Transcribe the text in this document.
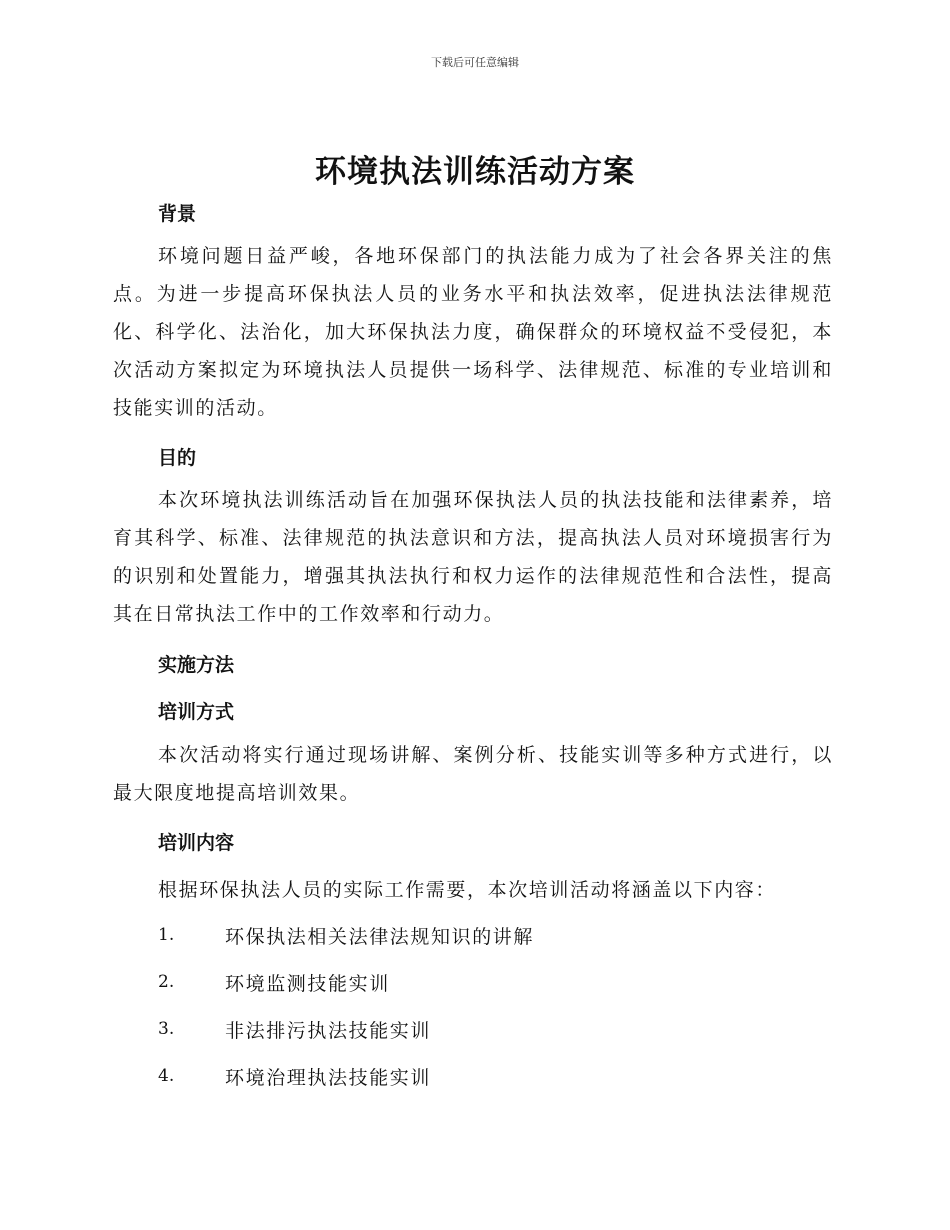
下载后可任意编辑
环境执法训练活动方案
背景
环境问题日益严峻，各地环保部门的执法能力成为了社会各界关注的焦点。为进一步提高环保执法人员的业务水平和执法效率，促进执法法律规范化、科学化、法治化，加大环保执法力度，确保群众的环境权益不受侵犯，本次活动方案拟定为环境执法人员提供一场科学、法律规范、标准的专业培训和技能实训的活动。
目的
本次环境执法训练活动旨在加强环保执法人员的执法技能和法律素养，培育其科学、标准、法律规范的执法意识和方法，提高执法人员对环境损害行为的识别和处置能力，增强其执法执行和权力运作的法律规范性和合法性，提高其在日常执法工作中的工作效率和行动力。
实施方法
培训方式
本次活动将实行通过现场讲解、案例分析、技能实训等多种方式进行，以最大限度地提高培训效果。
培训内容
根据环保执法人员的实际工作需要，本次培训活动将涵盖以下内容：
1.	环保执法相关法律法规知识的讲解
2.	环境监测技能实训
3.	非法排污执法技能实训
4.	环境治理执法技能实训
